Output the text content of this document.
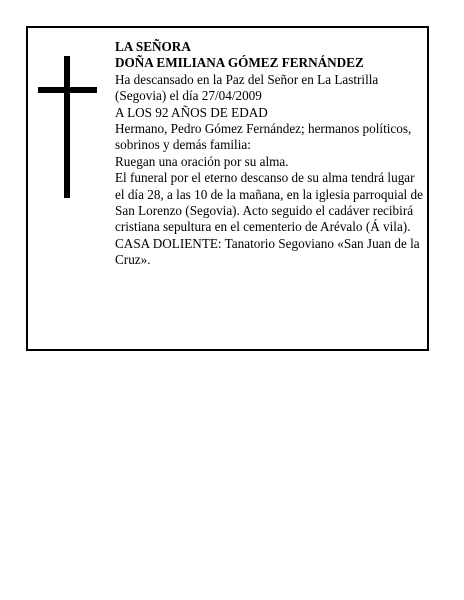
LA SEÑORA

DOÑA EMILIANA GÓMEZ FERNÁNDEZ

Ha descansado en la Paz del Señor en La Lastrilla (Segovia) el día 27/04/2009

A LOS 92 AÑOS DE EDAD

Hermano, Pedro Gómez Fernández; hermanos políticos, sobrinos y demás familia:

Ruegan una oración por su alma.

El funeral por el eterno descanso de su alma tendrá lugar el día 28, a las 10 de la mañana, en la iglesia parroquial de San Lorenzo (Segovia). Acto seguido el cadáver recibirá cristiana sepultura en el cementerio de Arévalo (Á vila).

CASA DOLIENTE: Tanatorio Segoviano «San Juan de la Cruz».
